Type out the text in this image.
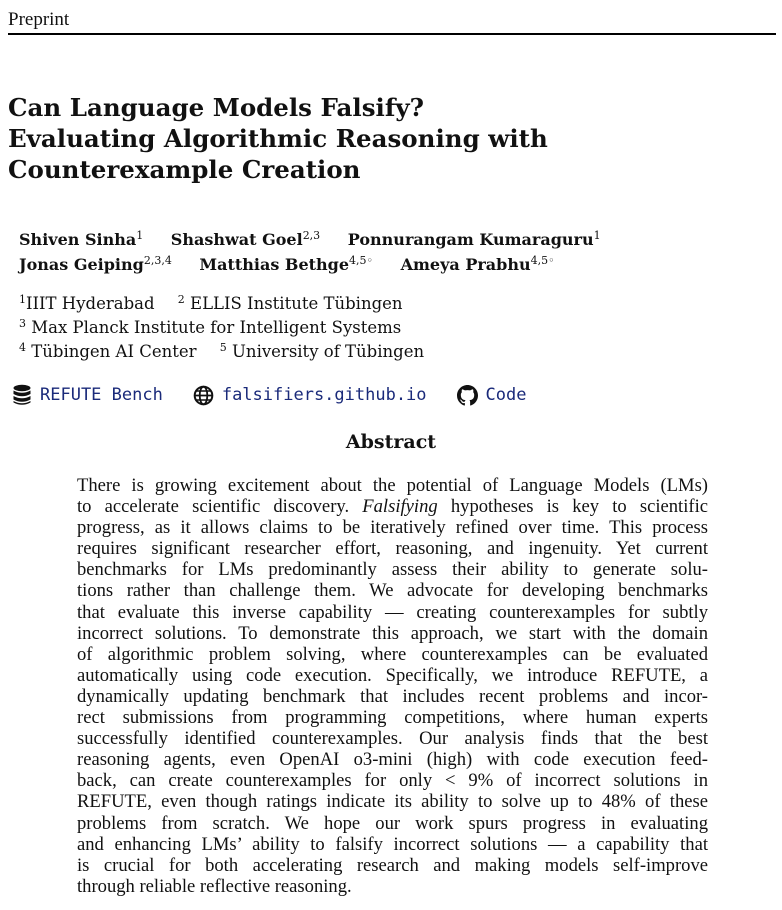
Preprint
Can Language Models Falsify?
Evaluating Algorithmic Reasoning with
Counterexample Creation
Shiven Sinha$^1$ Shashwat Goel$^{2,3}$ Ponnurangam Kumaraguru$^1$
Jonas Geiping$^{2,3,4}$ Matthias Bethge$^{4,5◦}$ Ameya Prabhu$^{4,5◦}$
$^1$IIIT Hyderabad $^2$ ELLIS Institute Tübingen
$^3$ Max Planck Institute for Intelligent Systems
$^4$ Tübingen AI Center $^5$ University of Tübingen
REFUTE Bench	falsifiers.github.io	Code
Abstract
There is growing excitement about the potential of Language Models (LMs)
to accelerate scientific discovery. Falsifying hypotheses is key to scientific
progress, as it allows claims to be iteratively refined over time. This process
requires significant researcher effort, reasoning, and ingenuity. Yet current
benchmarks for LMs predominantly assess their ability to generate solu-
tions rather than challenge them. We advocate for developing benchmarks
that evaluate this inverse capability — creating counterexamples for subtly
incorrect solutions. To demonstrate this approach, we start with the domain
of algorithmic problem solving, where counterexamples can be evaluated
automatically using code execution. Specifically, we introduce REFUTE, a
dynamically updating benchmark that includes recent problems and incor-
rect submissions from programming competitions, where human experts
successfully identified counterexamples. Our analysis finds that the best
reasoning agents, even OpenAI o3-mini (high) with code execution feed-
back, can create counterexamples for only < 9% of incorrect solutions in
REFUTE, even though ratings indicate its ability to solve up to 48% of these
problems from scratch. We hope our work spurs progress in evaluating
and enhancing LMs’ ability to falsify incorrect solutions — a capability that
is crucial for both accelerating research and making models self-improve
through reliable reflective reasoning.
